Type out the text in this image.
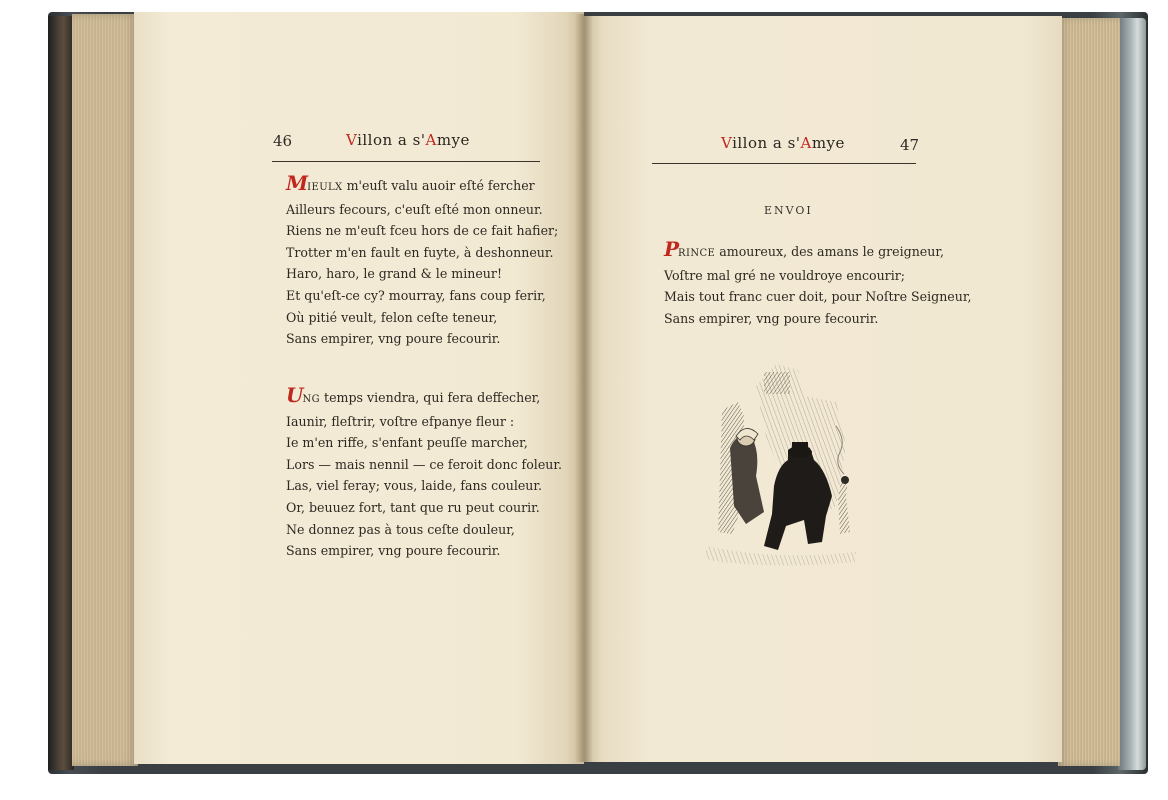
46	Villon a s'Amye
MIEULX m'euſt valu auoir eſté fercher
Ailleurs fecours, c'euſt eſté mon onneur.
Riens ne m'euſt fceu hors de ce fait hafier;
Trotter m'en fault en fuyte, à deshonneur.
Haro, haro, le grand & le mineur!
Et qu'eſt-ce cy? mourray, fans coup ferir,
Où pitié veult, felon ceſte teneur,
Sans empirer, vng poure fecourir.
UNG temps viendra, qui fera deffecher,
Iaunir, fleſtrir, voſtre efpanye fleur :
Ie m'en riffe, s'enfant peuſſe marcher,
Lors — mais nennil — ce feroit donc foleur.
Las, viel feray; vous, laide, fans couleur.
Or, beuuez fort, tant que ru peut courir.
Ne donnez pas à tous ceſte douleur,
Sans empirer, vng poure fecourir.
Villon a s'Amye	47
ENVOI
PRINCE amoureux, des amans le greigneur,
Voſtre mal gré ne vouldroye encourir;
Mais tout franc cuer doit, pour Noſtre Seigneur,
Sans empirer, vng poure fecourir.
